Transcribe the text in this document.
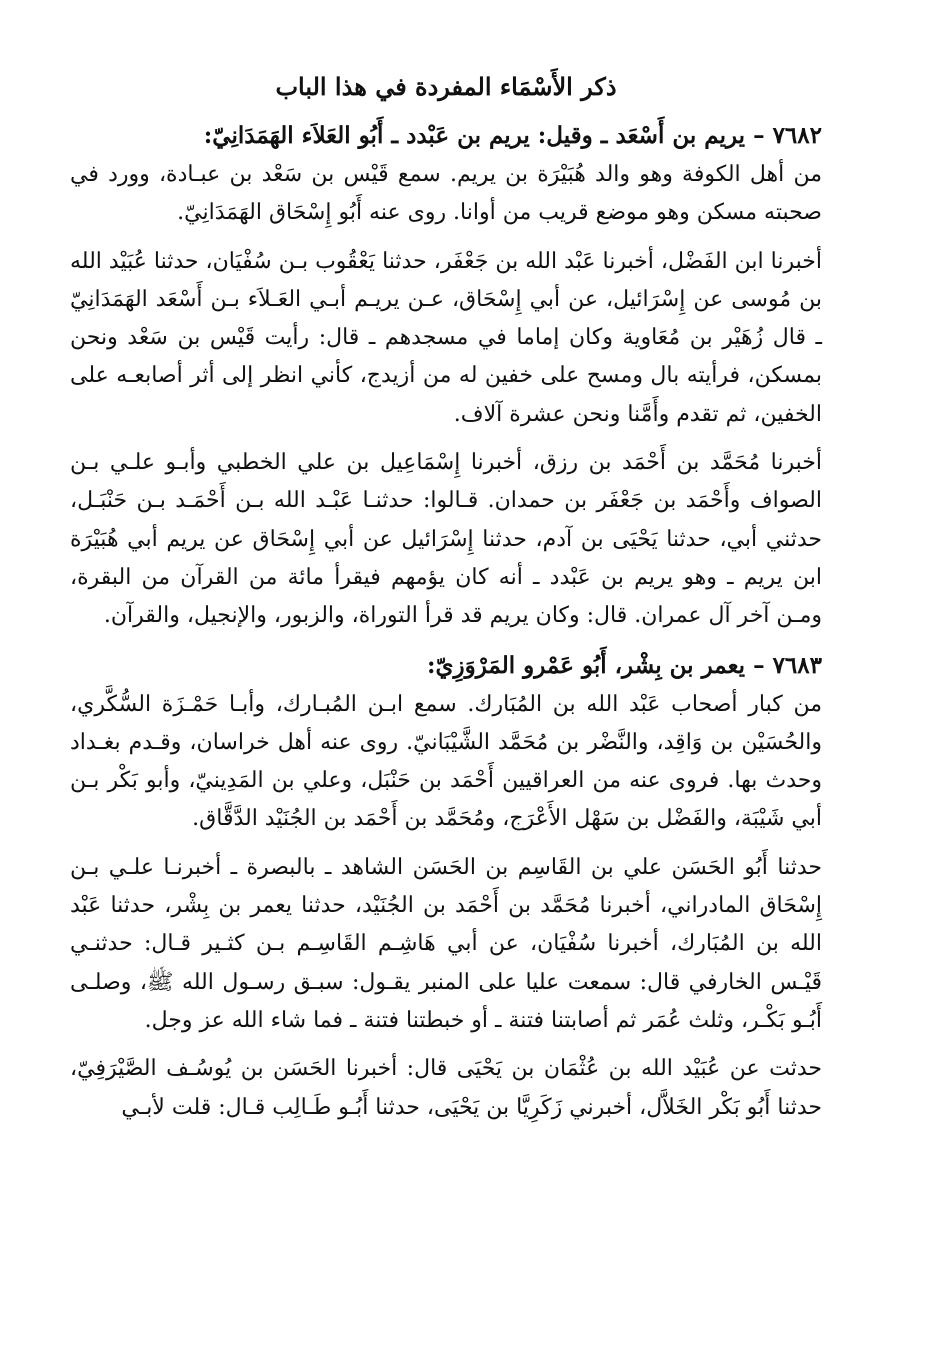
ذكر الأَسْمَاء المفردة في هذا الباب
٧٦٨٢ – يريم بن أَسْعَد ـ وقيل: يريم بن عَبْدد ـ أَبُو العَلاَء الهَمَدَانِيّ:

من أهل الكوفة وهو والد هُبَيْرَة بن يريم. سمع قَيْس بن سَعْد بن عبـادة، وورد في صحبته مسكن وهو موضع قريب من أوانا. روى عنه أَبُو إِسْحَاق الهَمَدَانِيّ.

أخبرنا ابن الفَضْل، أخبرنا عَبْد الله بن جَعْفَر، حدثنا يَعْقُوب بـن سُفْيَان، حدثنا عُبَيْد الله بن مُوسى عن إِسْرَائيل، عن أبي إِسْحَاق، عـن يريـم أبـي العَـلاَء بـن أَسْعَد الهَمَدَانِيّ ـ قال زُهَيْر بن مُعَاوية وكان إماما في مسجدهم ـ قال: رأيت قَيْس بن سَعْد ونحن بمسكن، فرأيته بال ومسح على خفين له من أزيدج، كأني انظر إلى أثر أصابعـه على الخفين، ثم تقدم وأَمَّنا ونحن عشرة آلاف.

أخبرنا مُحَمَّد بن أَحْمَد بن رزق، أخبرنا إِسْمَاعِيل بن علي الخطبي وأبـو علـي بـن الصواف وأَحْمَد بن جَعْفَر بن حمدان. قـالوا: حدثنـا عَبْـد الله بـن أَحْمَـد بـن حَنْبَـل، حدثني أبي، حدثنا يَحْيَى بن آدم، حدثنا إِسْرَائيل عن أبي إِسْحَاق عن يريم أبي هُبَيْرَة ابن يريم ـ وهو يريم بن عَبْدد ـ أنه كان يؤمهم فيقرأ مائة من القرآن من البقرة، ومـن آخر آل عمران. قال: وكان يريم قد قرأ التوراة، والزبور، والإنجيل، والقرآن.

٧٦٨٣ – يعمر بن بِشْر، أَبُو عَمْرو المَرْوَزِيّ:

من كبار أصحاب عَبْد الله بن المُبَارك. سمع ابـن المُبـارك، وأبـا حَمْـزَة السُّكَّري، والحُسَيْن بن وَاقِد، والنَّضْر بن مُحَمَّد الشَّيْبَانيّ. روى عنه أهل خراسان، وقـدم بغـداد وحدث بها. فروى عنه من العراقيين أَحْمَد بن حَنْبَل، وعلي بن المَدِينيّ، وأبو بَكْر بـن أبي شَيْبَة، والفَضْل بن سَهْل الأَعْرَج، ومُحَمَّد بن أَحْمَد بن الجُنَيْد الدَّقَّاق.

حدثنا أَبُو الحَسَن علي بن القَاسِم بن الحَسَن الشاهد ـ بالبصرة ـ أخبرنـا علـي بـن إِسْحَاق المادراني، أخبرنا مُحَمَّد بن أَحْمَد بن الجُنَيْد، حدثنا يعمر بن بِشْر، حدثنا عَبْد الله بن المُبَارك، أخبرنا سُفْيَان، عن أبي هَاشِـم القَاسِـم بـن كثـير قـال: حدثنـي قَيْـس الخارفي قال: سمعت عليا على المنبر يقـول: سبـق رسـول الله ﷺ، وصلـى أَبُـو بَكْـر، وثلث عُمَر ثم أصابتنا فتنة ـ أو خبطتنا فتنة ـ فما شاء الله عز وجل.

حدثت عن عُبَيْد الله بن عُثْمَان بن يَحْيَى قال: أخبرنا الحَسَن بن يُوسُـف الصَّيْرَفِيّ، حدثنا أَبُو بَكْر الخَلاَّل، أخبرني زَكَرِيَّا بن يَحْيَى، حدثنا أَبُـو طَـالِب قـال: قلت لأبـي
